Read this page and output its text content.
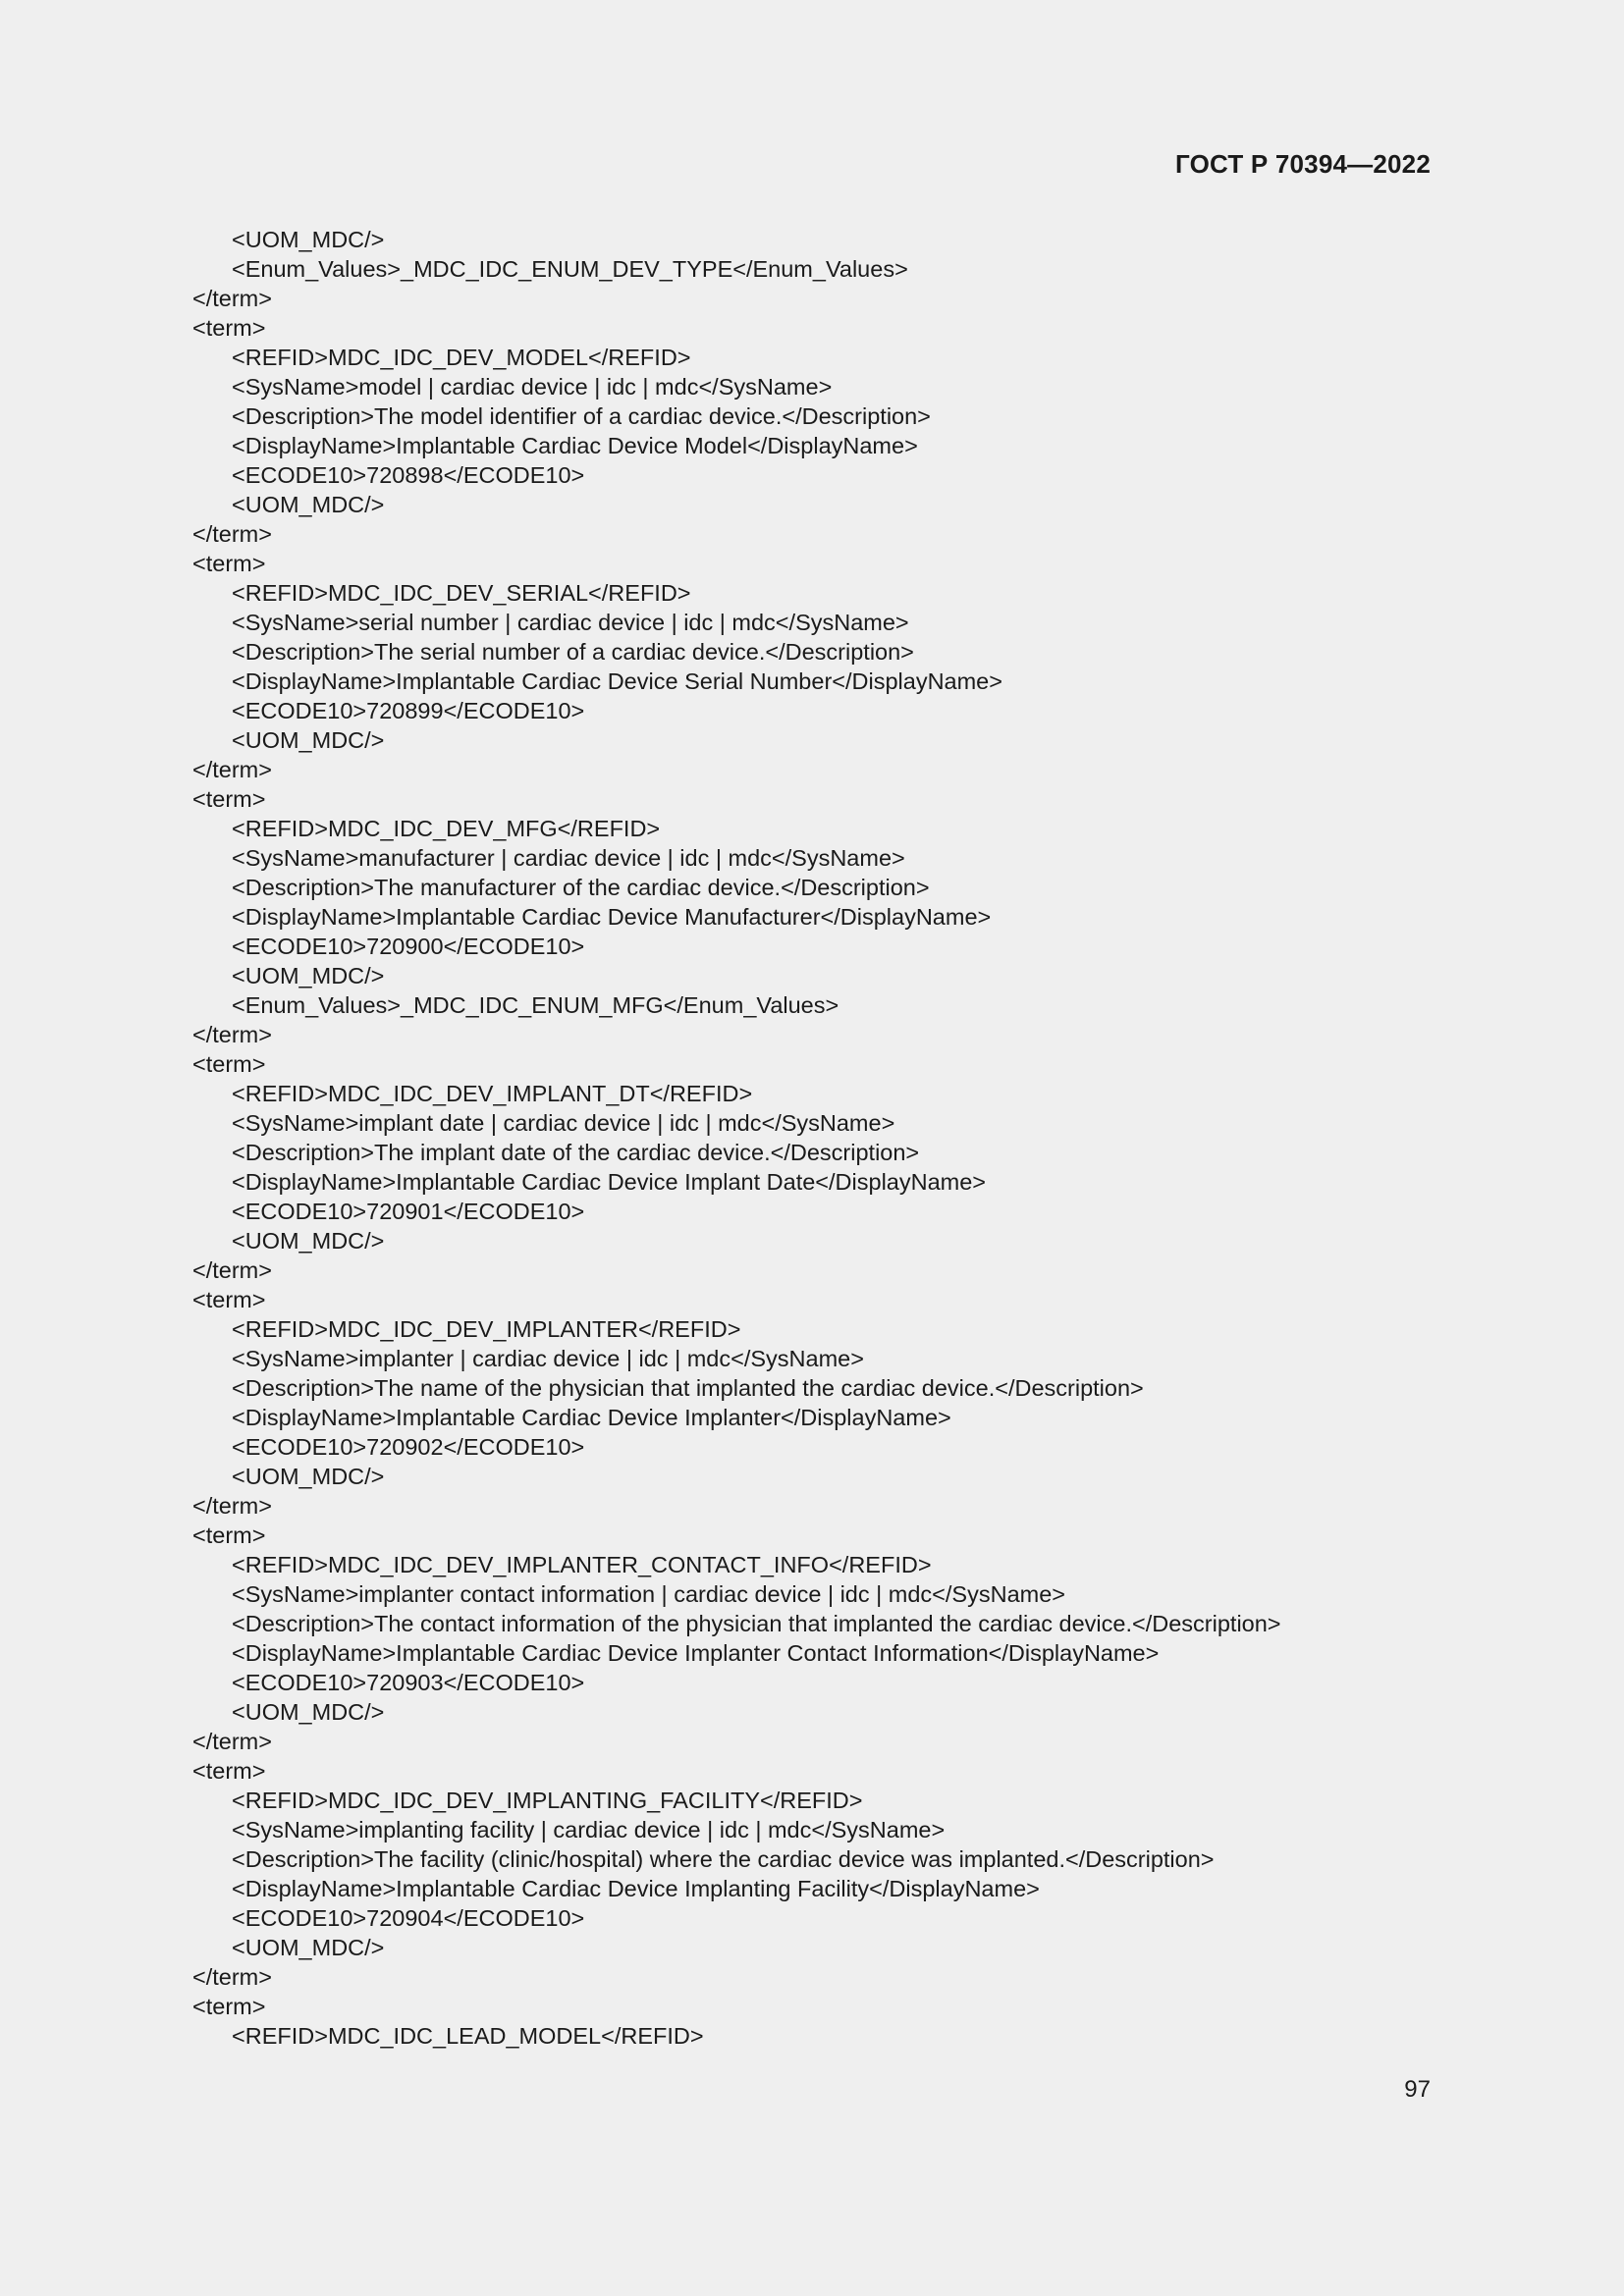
ГОСТ Р 70394—2022
<UOM_MDC/>
<Enum_Values>_MDC_IDC_ENUM_DEV_TYPE</Enum_Values>
</term>
<term>
<REFID>MDC_IDC_DEV_MODEL</REFID>
<SysName>model | cardiac device | idc | mdc</SysName>
<Description>The model identifier of a cardiac device.</Description>
<DisplayName>Implantable Cardiac Device Model</DisplayName>
<ECODE10>720898</ECODE10>
<UOM_MDC/>
</term>
<term>
<REFID>MDC_IDC_DEV_SERIAL</REFID>
<SysName>serial number | cardiac device | idc | mdc</SysName>
<Description>The serial number of a cardiac device.</Description>
<DisplayName>Implantable Cardiac Device Serial Number</DisplayName>
<ECODE10>720899</ECODE10>
<UOM_MDC/>
</term>
<term>
<REFID>MDC_IDC_DEV_MFG</REFID>
<SysName>manufacturer | cardiac device | idc | mdc</SysName>
<Description>The manufacturer of the cardiac device.</Description>
<DisplayName>Implantable Cardiac Device Manufacturer</DisplayName>
<ECODE10>720900</ECODE10>
<UOM_MDC/>
<Enum_Values>_MDC_IDC_ENUM_MFG</Enum_Values>
</term>
<term>
<REFID>MDC_IDC_DEV_IMPLANT_DT</REFID>
<SysName>implant date | cardiac device | idc | mdc</SysName>
<Description>The implant date of the cardiac device.</Description>
<DisplayName>Implantable Cardiac Device Implant Date</DisplayName>
<ECODE10>720901</ECODE10>
<UOM_MDC/>
</term>
<term>
<REFID>MDC_IDC_DEV_IMPLANTER</REFID>
<SysName>implanter | cardiac device | idc | mdc</SysName>
<Description>The name of the physician that implanted the cardiac device.</Description>
<DisplayName>Implantable Cardiac Device Implanter</DisplayName>
<ECODE10>720902</ECODE10>
<UOM_MDC/>
</term>
<term>
<REFID>MDC_IDC_DEV_IMPLANTER_CONTACT_INFO</REFID>
<SysName>implanter contact information | cardiac device | idc | mdc</SysName>
<Description>The contact information of the physician that implanted the cardiac device.</Description>
<DisplayName>Implantable Cardiac Device Implanter Contact Information</DisplayName>
<ECODE10>720903</ECODE10>
<UOM_MDC/>
</term>
<term>
<REFID>MDC_IDC_DEV_IMPLANTING_FACILITY</REFID>
<SysName>implanting facility | cardiac device | idc | mdc</SysName>
<Description>The facility (clinic/hospital) where the cardiac device was implanted.</Description>
<DisplayName>Implantable Cardiac Device Implanting Facility</DisplayName>
<ECODE10>720904</ECODE10>
<UOM_MDC/>
</term>
<term>
<REFID>MDC_IDC_LEAD_MODEL</REFID>
97
